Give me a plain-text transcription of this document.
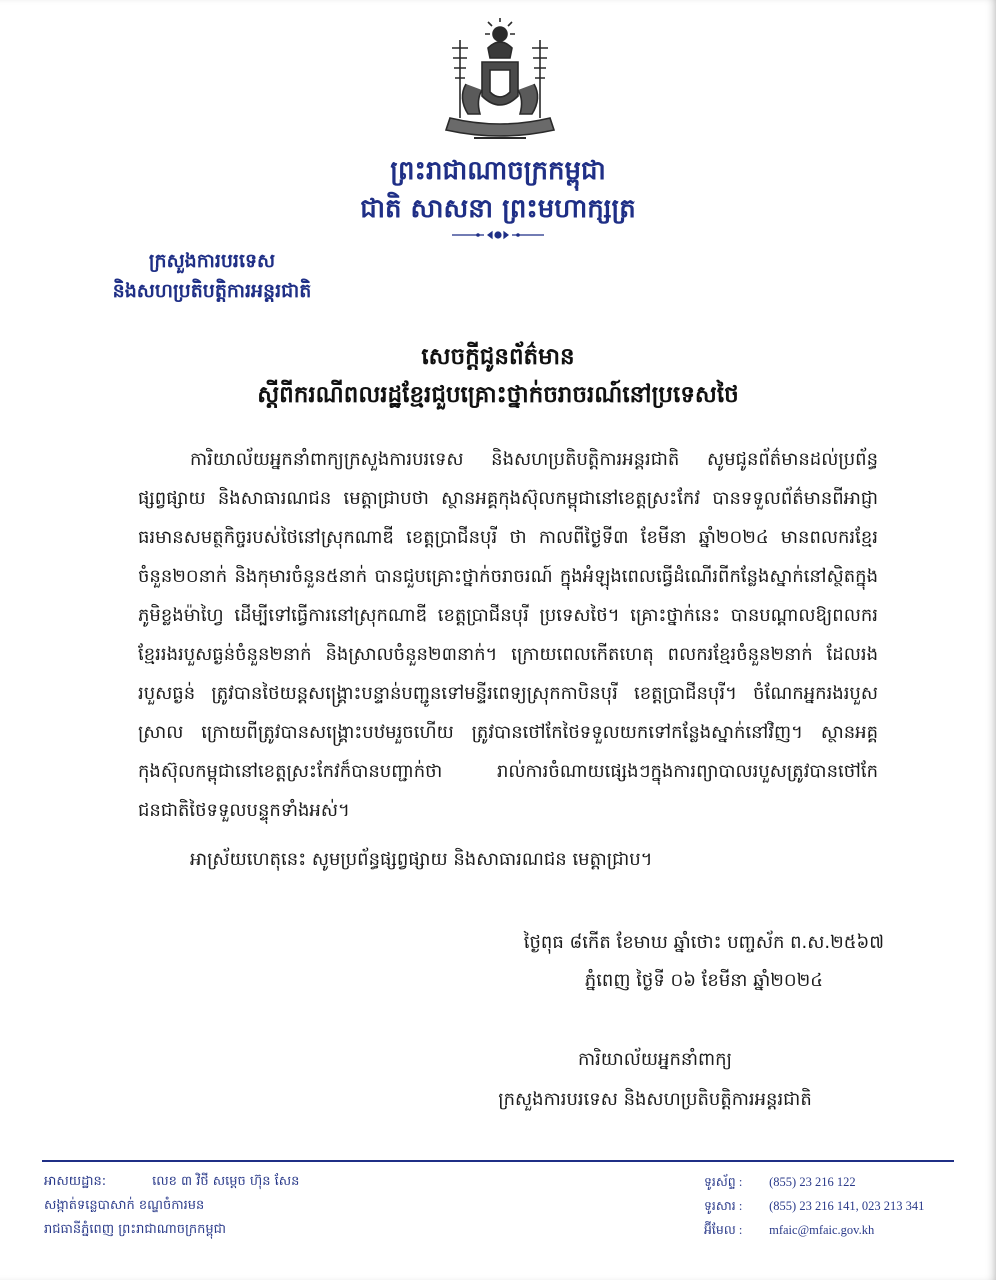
ព្រះរាជាណាចក្រកម្ពុជា
ជាតិ សាសនា ព្រះមហាក្សត្រ
ក្រសួងការបរទេស
និងសហប្រតិបត្តិការអន្តរជាតិ
សេចក្តីជូនព័ត៌មាន
ស្តីពីករណីពលរដ្ឋខ្មែរជួបគ្រោះថ្នាក់ចរាចរណ៍នៅប្រទេសថៃ

ការិយាល័យអ្នកនាំពាក្យក្រសួងការបរទេស និងសហប្រតិបត្តិការអន្តរជាតិ សូមជូនព័ត៌មានដល់ប្រព័ន្ធផ្សព្វផ្សាយ និងសាធារណជន មេត្តាជ្រាបថា ស្ថានអគ្គកុងស៊ុលកម្ពុជានៅខេត្តស្រះកែវ បានទទួលព័ត៌មានពីអាជ្ញាធរមានសមត្ថកិច្ចរបស់ថៃនៅស្រុកណាឌី ខេត្តប្រាជីនបុរី ថា កាលពីថ្ងៃទី៣ ខែមីនា ឆ្នាំ២០២៤ មានពលករខ្មែរចំនួន២០នាក់ និងកុមារចំនួន៥នាក់ បានជួបគ្រោះថ្នាក់ចរាចរណ៍ ក្នុងអំឡុងពេលធ្វើដំណើរពីកន្លែងស្នាក់នៅស្ថិតក្នុងភូមិខ្លងម៉ាហ្វៃ ដើម្បីទៅធ្វើការនៅស្រុកណាឌី ខេត្តប្រាជីនបុរី ប្រទេសថៃ។ គ្រោះថ្នាក់នេះ បានបណ្តាលឱ្យពលករខ្មែររងរបួសធ្ងន់ចំនួន២នាក់ និងស្រាលចំនួន២៣នាក់។ ក្រោយពេលកើតហេតុ ពលករខ្មែរចំនួន២នាក់ ដែលរងរបួសធ្ងន់ ត្រូវបានថៃយន្តសង្គ្រោះបន្ទាន់បញ្ជូនទៅមន្ទីរពេទ្យស្រុកកាបិនបុរី ខេត្តប្រាជីនបុរី។ ចំណែកអ្នករងរបួសស្រាល ក្រោយពីត្រូវបានសង្គ្រោះបឋមរួចហើយ ត្រូវបានថៅកែថៃទទួលយកទៅកន្លែងស្នាក់នៅវិញ។ ស្ថានអគ្គកុងស៊ុលកម្ពុជានៅខេត្តស្រះកែវក៏បានបញ្ជាក់ថា រាល់ការចំណាយផ្សេងៗក្នុងការព្យាបាលរបួសត្រូវបានថៅកែជនជាតិថៃទទួលបន្ទុកទាំងអស់។

អាស្រ័យហេតុនេះ សូមប្រព័ន្ធផ្សព្វផ្សាយ និងសាធារណជន មេត្តាជ្រាប។

ថ្ងៃពុធ ៨កើត ខែមាឃ ឆ្នាំថោះ បញ្ចស័ក ព.ស.២៥៦៧
ភ្នំពេញ ថ្ងៃទី ០៦ ខែមីនា ឆ្នាំ២០២៤
ការិយាល័យអ្នកនាំពាក្យ
ក្រសួងការបរទេស និងសហប្រតិបត្តិការអន្តរជាតិ
អាសយដ្ឋាន:	លេខ ៣ វិថី សម្តេច ហ៊ុន សែន
សង្កាត់ទន្លេបាសាក់ ខណ្ឌចំការមន
រាជធានីភ្នំពេញ ព្រះរាជាណាចក្រកម្ពុជា
ទូរស័ព្ទ : (855) 23 216 122
ទូរសារ : (855) 23 216 141, 023 213 341
អ៊ីមែល : mfaic@mfaic.gov.kh
